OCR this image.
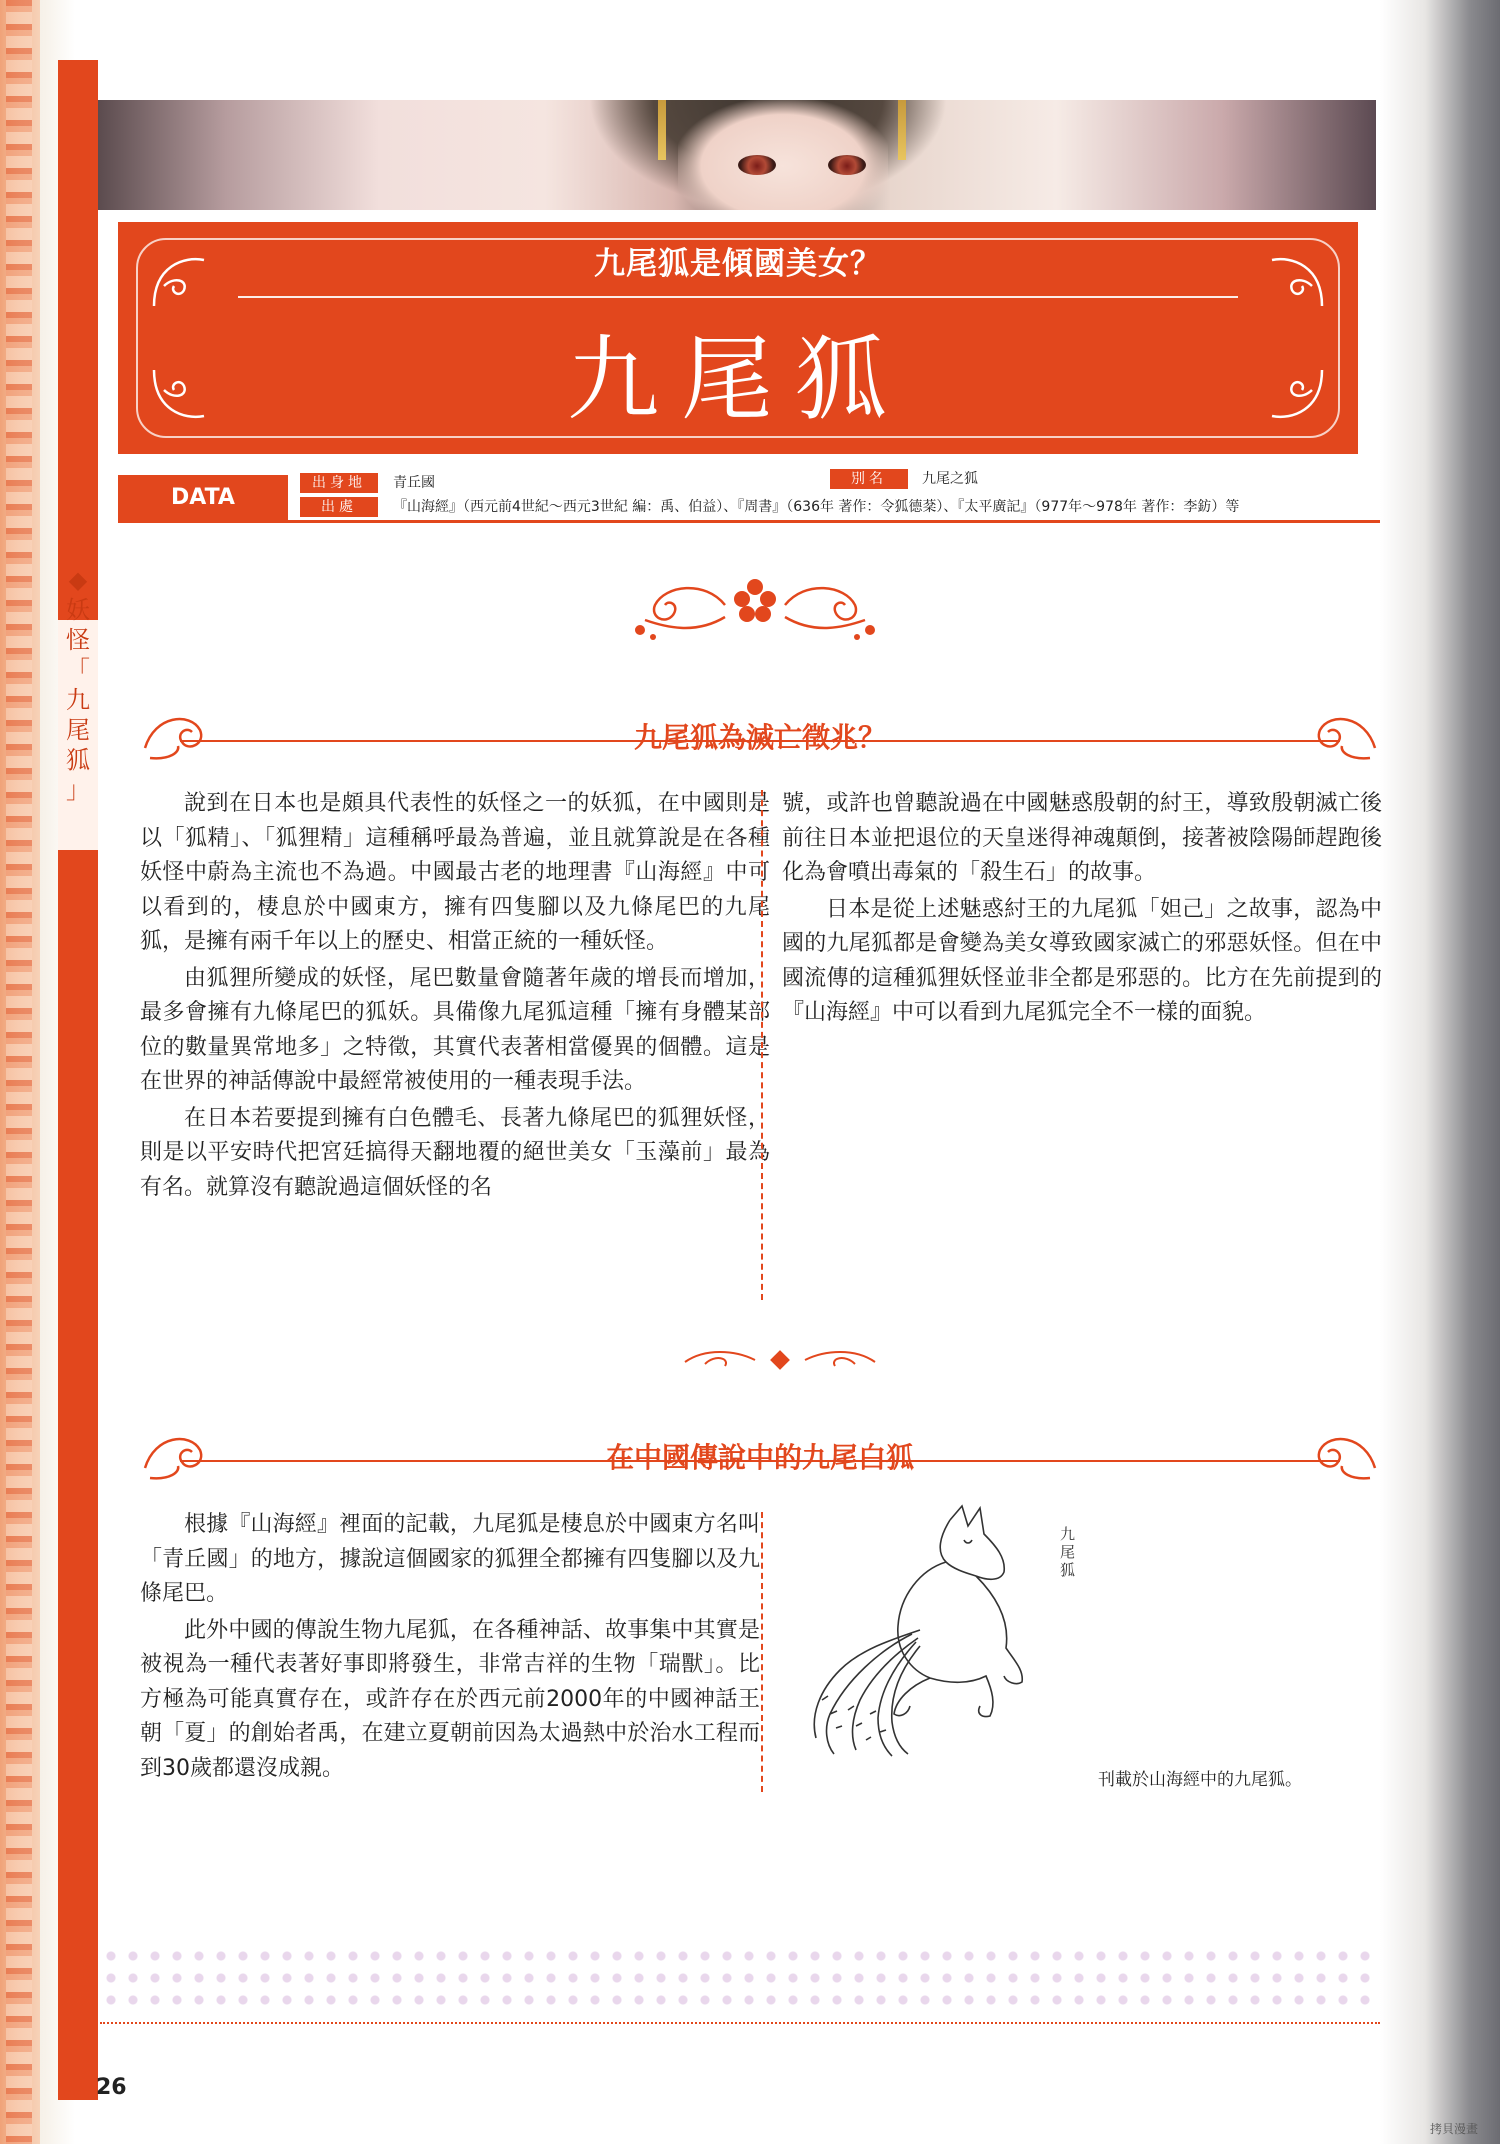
◆
妖
怪
「
九
尾
狐
」
九尾狐是傾國美女？
九尾狐
DATA
出身地	青丘國
出處	『山海經』（西元前4世紀～西元3世紀 編：禹、伯益）、『周書』（636年 著作：令狐德棻）、『太平廣記』（977年～978年 著作：李鈁）等
別名	九尾之狐
九尾狐為滅亡徵兆？

說到在日本也是頗具代表性的妖怪之一的妖狐，在中國則是以「狐精」、「狐狸精」這種稱呼最為普遍，並且就算說是在各種妖怪中蔚為主流也不為過。中國最古老的地理書『山海經』中可以看到的，棲息於中國東方，擁有四隻腳以及九條尾巴的九尾狐，是擁有兩千年以上的歷史、相當正統的一種妖怪。

由狐狸所變成的妖怪，尾巴數量會隨著年歲的增長而增加，最多會擁有九條尾巴的狐妖。具備像九尾狐這種「擁有身體某部位的數量異常地多」之特徵，其實代表著相當優異的個體。這是在世界的神話傳說中最經常被使用的一種表現手法。

在日本若要提到擁有白色體毛、長著九條尾巴的狐狸妖怪，則是以平安時代把宮廷搞得天翻地覆的絕世美女「玉藻前」最為有名。就算沒有聽說過這個妖怪的名

號，或許也曾聽說過在中國魅惑殷朝的紂王，導致殷朝滅亡後前往日本並把退位的天皇迷得神魂顛倒，接著被陰陽師趕跑後化為會噴出毒氣的「殺生石」的故事。

日本是從上述魅惑紂王的九尾狐「妲己」之故事，認為中國的九尾狐都是會變為美女導致國家滅亡的邪惡妖怪。但在中國流傳的這種狐狸妖怪並非全都是邪惡的。比方在先前提到的『山海經』中可以看到九尾狐完全不一樣的面貌。

在中國傳說中的九尾白狐

根據『山海經』裡面的記載，九尾狐是棲息於中國東方名叫「青丘國」的地方，據說這個國家的狐狸全都擁有四隻腳以及九條尾巴。

此外中國的傳說生物九尾狐，在各種神話、故事集中其實是被視為一種代表著好事即將發生，非常吉祥的生物「瑞獸」。比方極為可能真實存在，或許存在於西元前2000年的中國神話王朝「夏」的創始者禹，在建立夏朝前因為太過熱中於治水工程而到30歲都還沒成親。

九尾狐
刊載於山海經中的九尾狐。
26
拷貝漫畫
